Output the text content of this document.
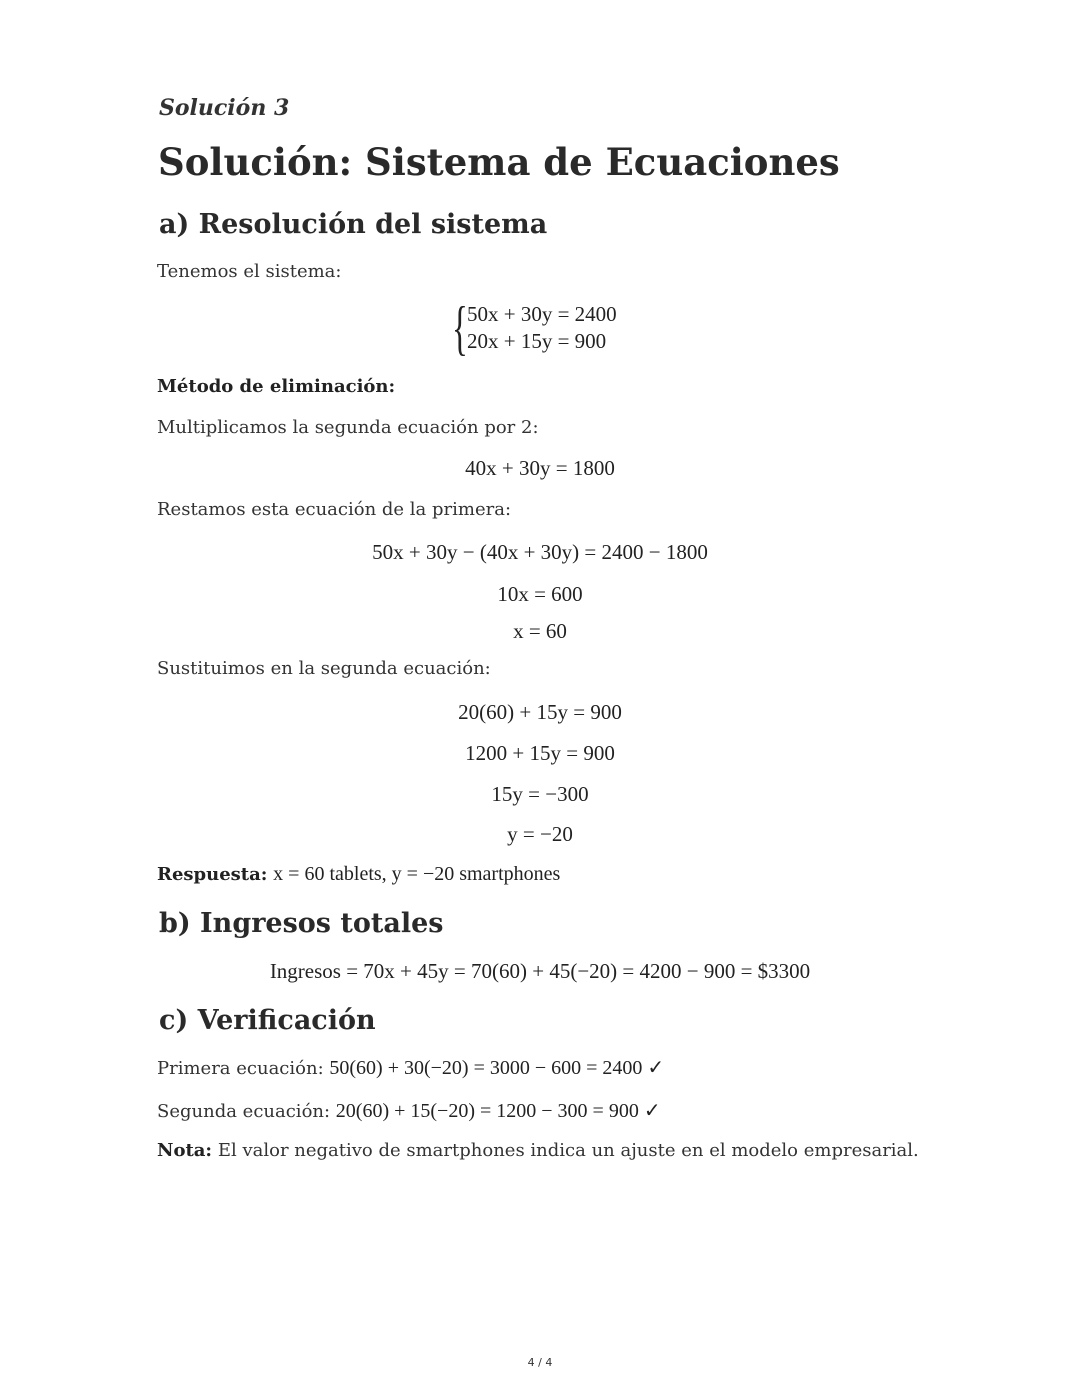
Solución 3
Solución: Sistema de Ecuaciones
a) Resolución del sistema
Tenemos el sistema:
{ 50x + 30y = 2400
20x + 15y = 900
Método de eliminación:
Multiplicamos la segunda ecuación por 2:
40x + 30y = 1800
Restamos esta ecuación de la primera:
50x + 30y − (40x + 30y) = 2400 − 1800
10x = 600
x = 60
Sustituimos en la segunda ecuación:
20(60) + 15y = 900
1200 + 15y = 900
15y = −300
y = −20
Respuesta: x = 60 tablets, y = −20 smartphones
b) Ingresos totales
Ingresos = 70x + 45y = 70(60) + 45(−20) = 4200 − 900 = $3300
c) Verificación
Primera ecuación: 50(60) + 30(−20) = 3000 − 600 = 2400 ✓
Segunda ecuación: 20(60) + 15(−20) = 1200 − 300 = 900 ✓
Nota: El valor negativo de smartphones indica un ajuste en el modelo empresarial.
4 / 4
